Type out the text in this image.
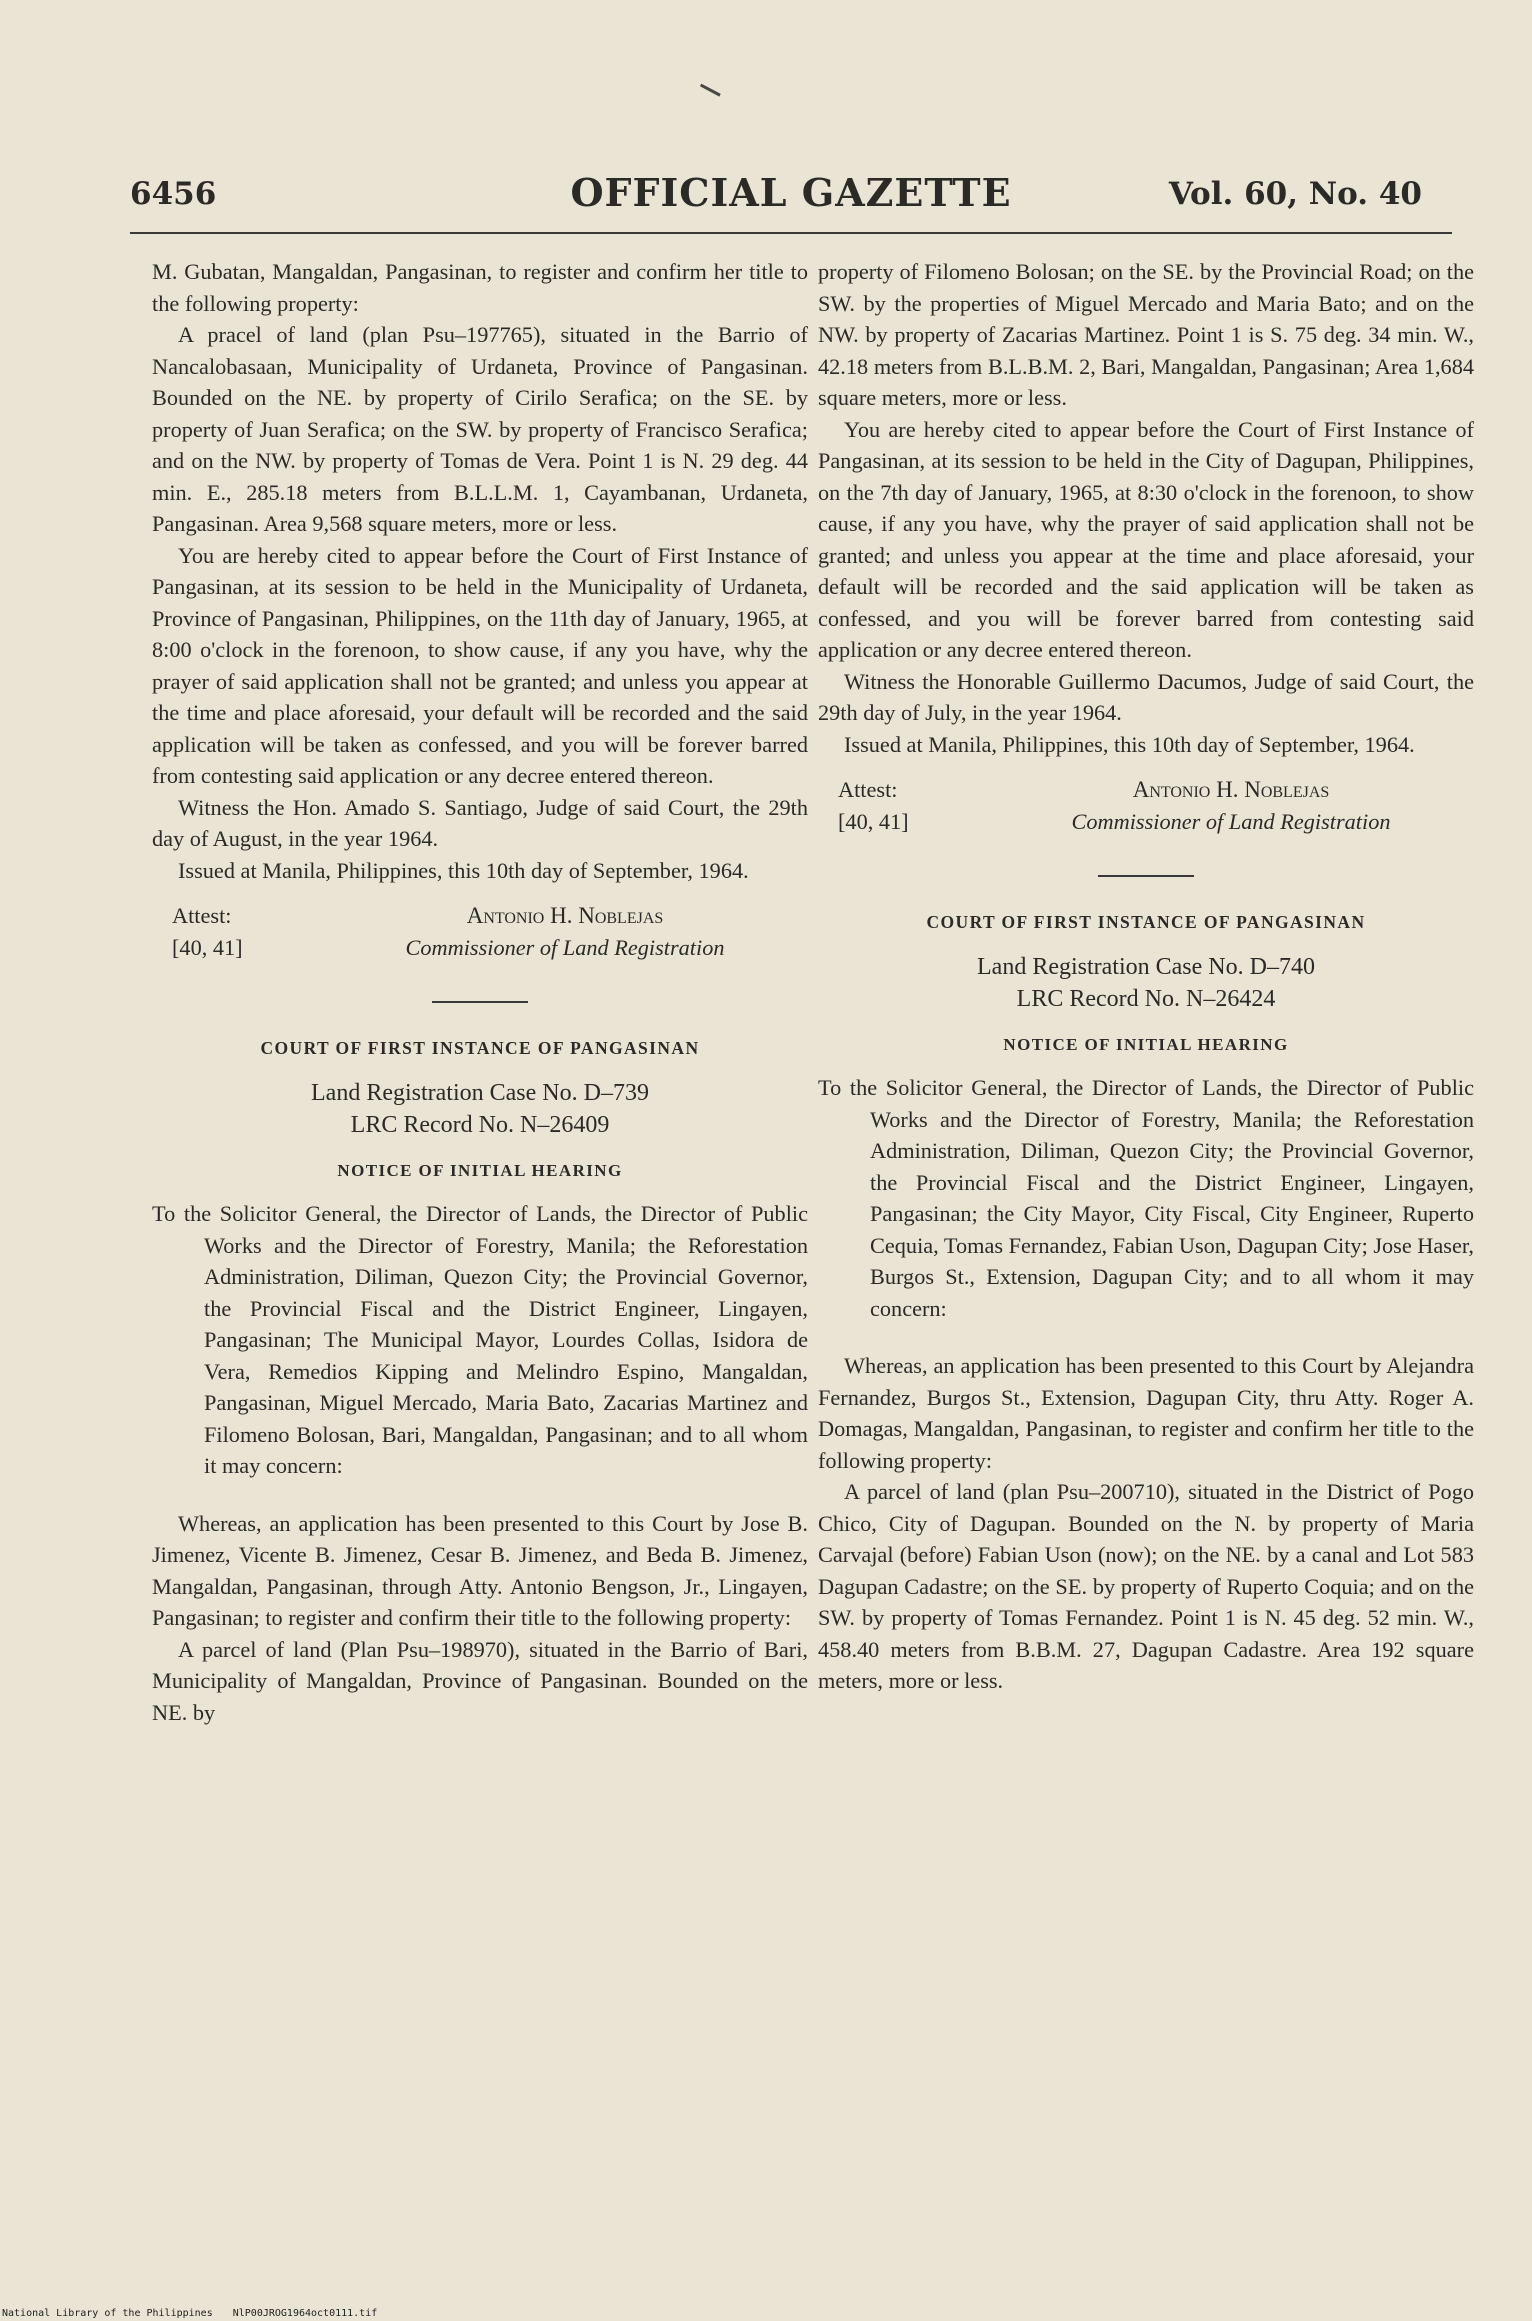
6456	OFFICIAL GAZETTE	Vol. 60, No. 40

M. Gubatan, Mangaldan, Pangasinan, to register and confirm her title to the following property:

A pracel of land (plan Psu–197765), situated in the Barrio of Nancalobasaan, Municipality of Urdaneta, Province of Pangasinan. Bounded on the NE. by property of Cirilo Serafica; on the SE. by property of Juan Serafica; on the SW. by property of Francisco Serafica; and on the NW. by property of Tomas de Vera. Point 1 is N. 29 deg. 44 min. E., 285.18 meters from B.L.L.M. 1, Cayambanan, Urdaneta, Pangasinan. Area 9,568 square meters, more or less.

You are hereby cited to appear before the Court of First Instance of Pangasinan, at its session to be held in the Municipality of Urdaneta, Province of Pangasinan, Philippines, on the 11th day of January, 1965, at 8:00 o'clock in the forenoon, to show cause, if any you have, why the prayer of said application shall not be granted; and unless you appear at the time and place aforesaid, your default will be recorded and the said application will be taken as confessed, and you will be forever barred from contesting said application or any decree entered thereon.

Witness the Hon. Amado S. Santiago, Judge of said Court, the 29th day of August, in the year 1964.

Issued at Manila, Philippines, this 10th day of September, 1964.

Attest:
[40, 41]
Antonio H. Noblejas
Commissioner of Land Registration
COURT OF FIRST INSTANCE OF PANGASINAN
Land Registration Case No. D–739
LRC Record No. N–26409
NOTICE OF INITIAL HEARING

To the Solicitor General, the Director of Lands, the Director of Public Works and the Director of Forestry, Manila; the Reforestation Administration, Diliman, Quezon City; the Provincial Governor, the Provincial Fiscal and the District Engineer, Lingayen, Pangasinan; The Municipal Mayor, Lourdes Collas, Isidora de Vera, Remedios Kipping and Melindro Espino, Mangaldan, Pangasinan, Miguel Mercado, Maria Bato, Zacarias Martinez and Filomeno Bolosan, Bari, Mangaldan, Pangasinan; and to all whom it may concern:

Whereas, an application has been presented to this Court by Jose B. Jimenez, Vicente B. Jimenez, Cesar B. Jimenez, and Beda B. Jimenez, Mangaldan, Pangasinan, through Atty. Antonio Bengson, Jr., Lingayen, Pangasinan; to register and confirm their title to the following property:

A parcel of land (Plan Psu–198970), situated in the Barrio of Bari, Municipality of Mangaldan, Province of Pangasinan. Bounded on the NE. by

property of Filomeno Bolosan; on the SE. by the Provincial Road; on the SW. by the properties of Miguel Mercado and Maria Bato; and on the NW. by property of Zacarias Martinez. Point 1 is S. 75 deg. 34 min. W., 42.18 meters from B.L.B.M. 2, Bari, Mangaldan, Pangasinan; Area 1,684 square meters, more or less.

You are hereby cited to appear before the Court of First Instance of Pangasinan, at its session to be held in the City of Dagupan, Philippines, on the 7th day of January, 1965, at 8:30 o'clock in the forenoon, to show cause, if any you have, why the prayer of said application shall not be granted; and unless you appear at the time and place aforesaid, your default will be recorded and the said application will be taken as confessed, and you will be forever barred from contesting said application or any decree entered thereon.

Witness the Honorable Guillermo Dacumos, Judge of said Court, the 29th day of July, in the year 1964.

Issued at Manila, Philippines, this 10th day of September, 1964.

Attest:
[40, 41]
Antonio H. Noblejas
Commissioner of Land Registration
COURT OF FIRST INSTANCE OF PANGASINAN
Land Registration Case No. D–740
LRC Record No. N–26424
NOTICE OF INITIAL HEARING

To the Solicitor General, the Director of Lands, the Director of Public Works and the Director of Forestry, Manila; the Reforestation Administration, Diliman, Quezon City; the Provincial Governor, the Provincial Fiscal and the District Engineer, Lingayen, Pangasinan; the City Mayor, City Fiscal, City Engineer, Ruperto Cequia, Tomas Fernandez, Fabian Uson, Dagupan City; Jose Haser, Burgos St., Extension, Dagupan City; and to all whom it may concern:

Whereas, an application has been presented to this Court by Alejandra Fernandez, Burgos St., Extension, Dagupan City, thru Atty. Roger A. Domagas, Mangaldan, Pangasinan, to register and confirm her title to the following property:

A parcel of land (plan Psu–200710), situated in the District of Pogo Chico, City of Dagupan. Bounded on the N. by property of Maria Carvajal (before) Fabian Uson (now); on the NE. by a canal and Lot 583 Dagupan Cadastre; on the SE. by property of Ruperto Coquia; and on the SW. by property of Tomas Fernandez. Point 1 is N. 45 deg. 52 min. W., 458.40 meters from B.B.M. 27, Dagupan Cadastre. Area 192 square meters, more or less.

National Library of the Philippines NlP00JROG1964oct0111.tif
